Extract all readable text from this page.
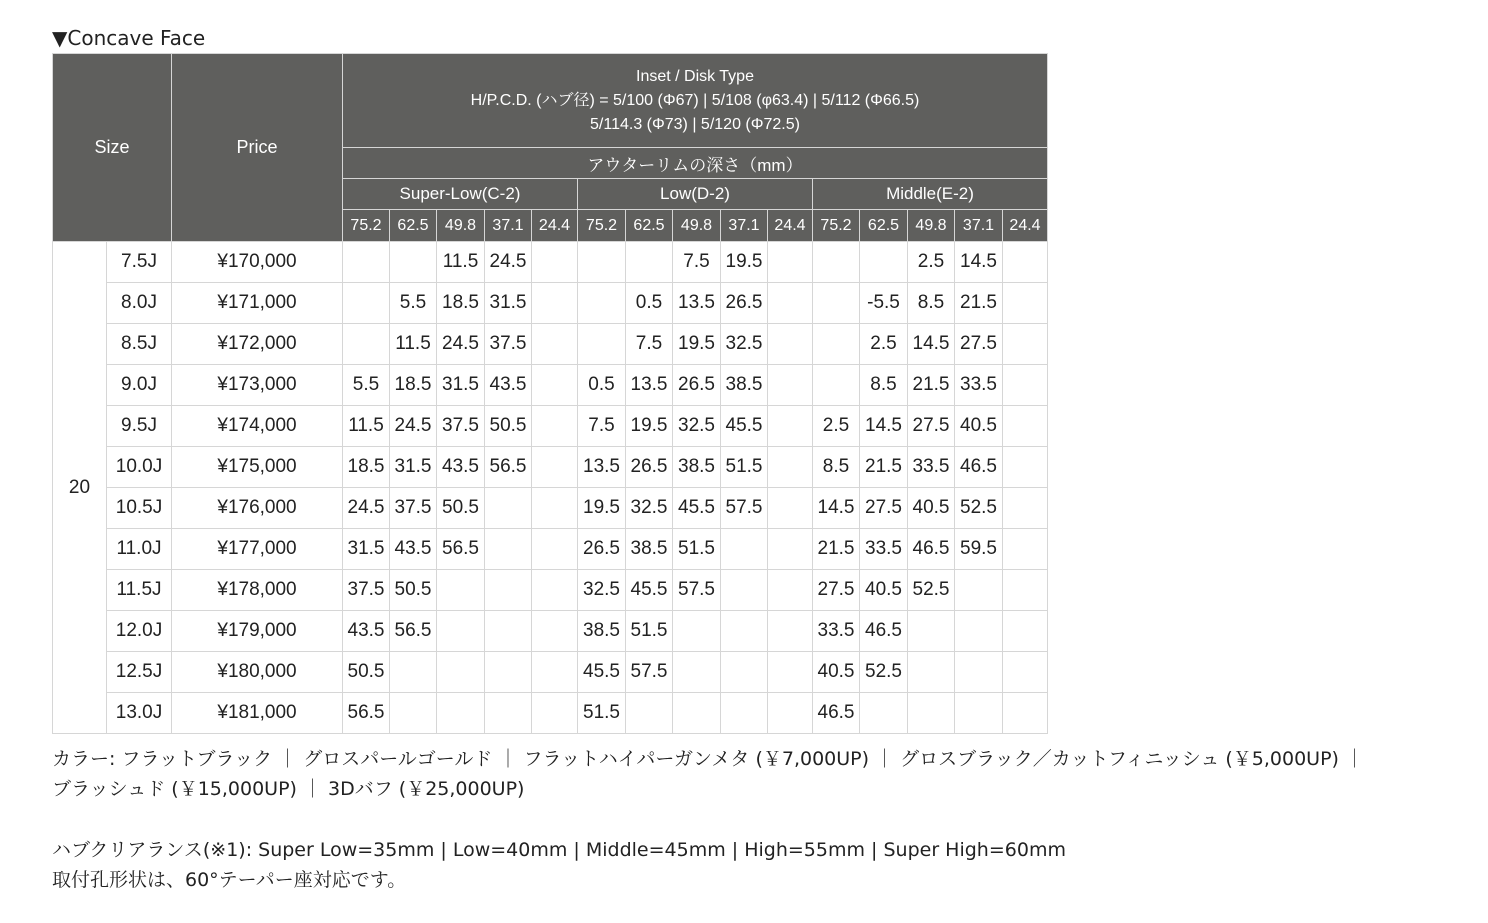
▼Concave Face
Size		Price	Inset / Disk Type
H/P.C.D. (ハブ径) = 5/100 (Φ67) | 5/108 (φ63.4) | 5/112 (Φ66.5)
5/114.3 (Φ73) | 5/120 (Φ72.5)														

			アウターリムの深さ（mm）														
			Super-Low(C-2)					Low(D-2)					Middle(E-2)				
			75.2	62.5	49.8	37.1	24.4	75.2	62.5	49.8	37.1	24.4	75.2	62.5	49.8	37.1	24.4
20	7.5J	¥170,000			11.5	24.5				7.5	19.5				2.5	14.5	
	8.0J	¥171,000		5.5	18.5	31.5			0.5	13.5	26.5			-5.5	8.5	21.5	
	8.5J	¥172,000		11.5	24.5	37.5			7.5	19.5	32.5			2.5	14.5	27.5	
	9.0J	¥173,000	5.5	18.5	31.5	43.5		0.5	13.5	26.5	38.5			8.5	21.5	33.5	
	9.5J	¥174,000	11.5	24.5	37.5	50.5		7.5	19.5	32.5	45.5		2.5	14.5	27.5	40.5	
	10.0J	¥175,000	18.5	31.5	43.5	56.5		13.5	26.5	38.5	51.5		8.5	21.5	33.5	46.5	
	10.5J	¥176,000	24.5	37.5	50.5			19.5	32.5	45.5	57.5		14.5	27.5	40.5	52.5	
	11.0J	¥177,000	31.5	43.5	56.5			26.5	38.5	51.5			21.5	33.5	46.5	59.5	
	11.5J	¥178,000	37.5	50.5				32.5	45.5	57.5			27.5	40.5	52.5		
	12.0J	¥179,000	43.5	56.5				38.5	51.5				33.5	46.5			
	12.5J	¥180,000	50.5					45.5	57.5				40.5	52.5			
	13.0J	¥181,000	56.5					51.5					46.5				

カラー: フラットブラック ｜ グロスパールゴールド ｜ フラットハイパーガンメタ (￥7,000UP) ｜ グロスブラック／カットフィニッシュ (￥5,000UP) ｜

ブラッシュド (￥15,000UP) ｜ 3Dバフ (￥25,000UP)

ハブクリアランス(※1): Super Low=35mm | Low=40mm | Middle=45mm | High=55mm | Super High=60mm

取付孔形状は、60°テーパー座対応です。
